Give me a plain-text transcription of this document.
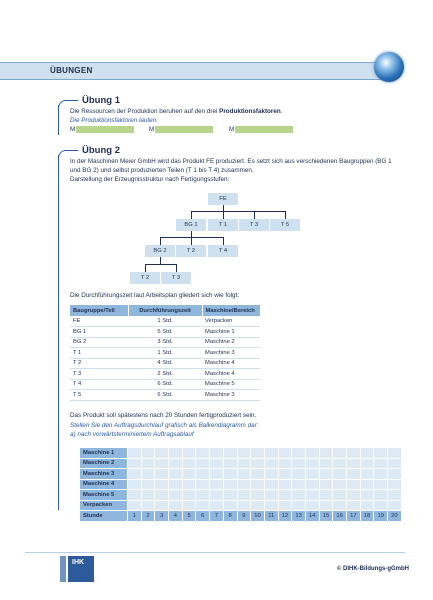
ÜBUNGEN
Übung 1
Die Ressourcen der Produktion beruhen auf den drei Produktionsfaktoren.
Die Produktionsfaktoren lauten:
M	M	M
Übung 2
In der Maschinen Meier GmbH wird das Produkt FE produziert. Es setzt sich aus verschiedenen Baugruppen (BG 1
und BG 2) und selbst produzierten Teilen (T 1 bis T 4) zusammen.
Darstellung der Erzeugnisstruktur nach Fertigungsstufen:
FE
BG 1	T 1	T 3	T 5
BG 2	T 2	T 4
T 2	T 3
Die Durchführungszeit laut Arbeitsplan gliedert sich wie folgt:
Baugruppe/Teil	Durchführungszeit	Maschine/Bereich
FE	1 Std.	Verpacken
BG 1	5 Std.	Maschine 1
BG 2	3 Std.	Maschine 2
T 1	1 Std.	Maschine 3
T 2	4 Std.	Maschine 4
T 3	2 Std.	Maschine 4
T 4	6 Std.	Maschine 5
T 5	6 Std.	Maschine 3
Das Produkt soll spätestens nach 20 Stunden fertigproduziert sein.
Stellen Sie den Auftragsdurchlauf grafisch als Balkendiagramm dar:
a) nach vorwärtsterminiertem Auftragsablauf
Maschine 1																				
Maschine 2																				
Maschine 3																				
Maschine 4																				
Maschine 5																				
Verpacken																				
Stunde	1	2	3	4	5	6	7	8	9	10	11	12	13	14	15	16	17	18	19	20
IHK
© DIHK-Bildungs-gGmbH
